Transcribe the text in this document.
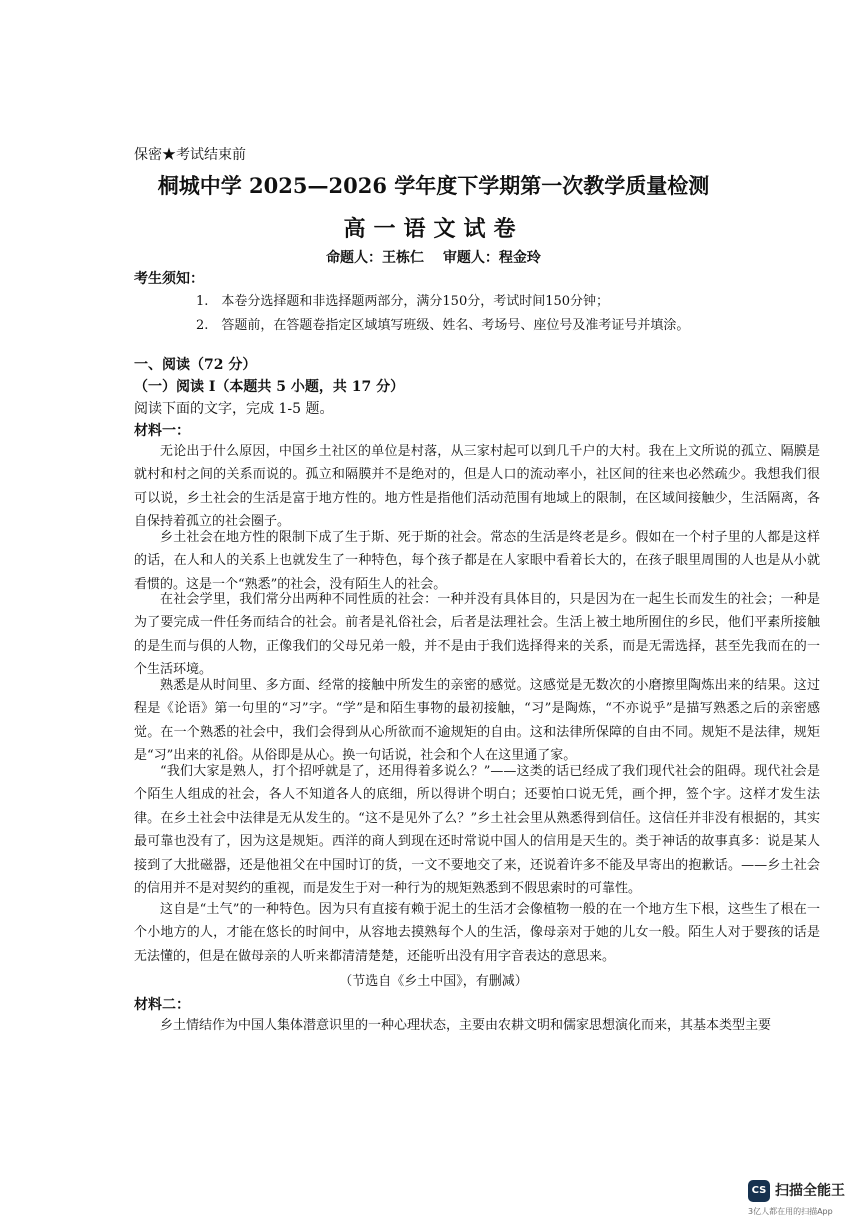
保密★考试结束前
桐城中学 2025—2026 学年度下学期第一次教学质量检测
高一语文试卷
命题人：王栋仁　 审题人：程金玲
考生须知：
1.　本卷分选择题和非选择题两部分，满分150分，考试时间150分钟；
2.　答题前，在答题卷指定区域填写班级、姓名、考场号、座位号及准考证号并填涂。
一、阅读（72 分）
（一）阅读 I（本题共 5 小题，共 17 分）
阅读下面的文字，完成 1-5 题。
材料一：

无论出于什么原因，中国乡土社区的单位是村落，从三家村起可以到几千户的大村。我在上文所说的孤立、隔膜是就村和村之间的关系而说的。孤立和隔膜并不是绝对的，但是人口的流动率小，社区间的往来也必然疏少。我想我们很可以说，乡土社会的生活是富于地方性的。地方性是指他们活动范围有地域上的限制，在区域间接触少，生活隔离，各自保持着孤立的社会圈子。

乡土社会在地方性的限制下成了生于斯、死于斯的社会。常态的生活是终老是乡。假如在一个村子里的人都是这样的话，在人和人的关系上也就发生了一种特色，每个孩子都是在人家眼中看着长大的，在孩子眼里周围的人也是从小就看惯的。这是一个“熟悉”的社会，没有陌生人的社会。

在社会学里，我们常分出两种不同性质的社会：一种并没有具体目的，只是因为在一起生长而发生的社会；一种是为了要完成一件任务而结合的社会。前者是礼俗社会，后者是法理社会。生活上被土地所囿住的乡民，他们平素所接触的是生而与俱的人物，正像我们的父母兄弟一般，并不是由于我们选择得来的关系，而是无需选择，甚至先我而在的一个生活环境。

熟悉是从时间里、多方面、经常的接触中所发生的亲密的感觉。这感觉是无数次的小磨擦里陶炼出来的结果。这过程是《论语》第一句里的“习”字。“学”是和陌生事物的最初接触，“习”是陶炼，“不亦说乎”是描写熟悉之后的亲密感觉。在一个熟悉的社会中，我们会得到从心所欲而不逾规矩的自由。这和法律所保障的自由不同。规矩不是法律，规矩是“习”出来的礼俗。从俗即是从心。换一句话说，社会和个人在这里通了家。

“我们大家是熟人，打个招呼就是了，还用得着多说么？”——这类的话已经成了我们现代社会的阻碍。现代社会是个陌生人组成的社会，各人不知道各人的底细，所以得讲个明白；还要怕口说无凭，画个押，签个字。这样才发生法律。在乡土社会中法律是无从发生的。“这不是见外了么？”乡土社会里从熟悉得到信任。这信任并非没有根据的，其实最可靠也没有了，因为这是规矩。西洋的商人到现在还时常说中国人的信用是天生的。类于神话的故事真多：说是某人接到了大批磁器，还是他祖父在中国时订的货，一文不要地交了来，还说着许多不能及早寄出的抱歉话。——乡土社会的信用并不是对契约的重视，而是发生于对一种行为的规矩熟悉到不假思索时的可靠性。

这自是“土气”的一种特色。因为只有直接有赖于泥土的生活才会像植物一般的在一个地方生下根，这些生了根在一个小地方的人，才能在悠长的时间中，从容地去摸熟每个人的生活，像母亲对于她的儿女一般。陌生人对于婴孩的话是无法懂的，但是在做母亲的人听来都清清楚楚，还能听出没有用字音表达的意思来。

（节选自《乡土中国》，有删减）
材料二：

乡土情结作为中国人集体潜意识里的一种心理状态，主要由农耕文明和儒家思想演化而来，其基本类型主要

CS 扫描全能王
3亿人都在用的扫描App
